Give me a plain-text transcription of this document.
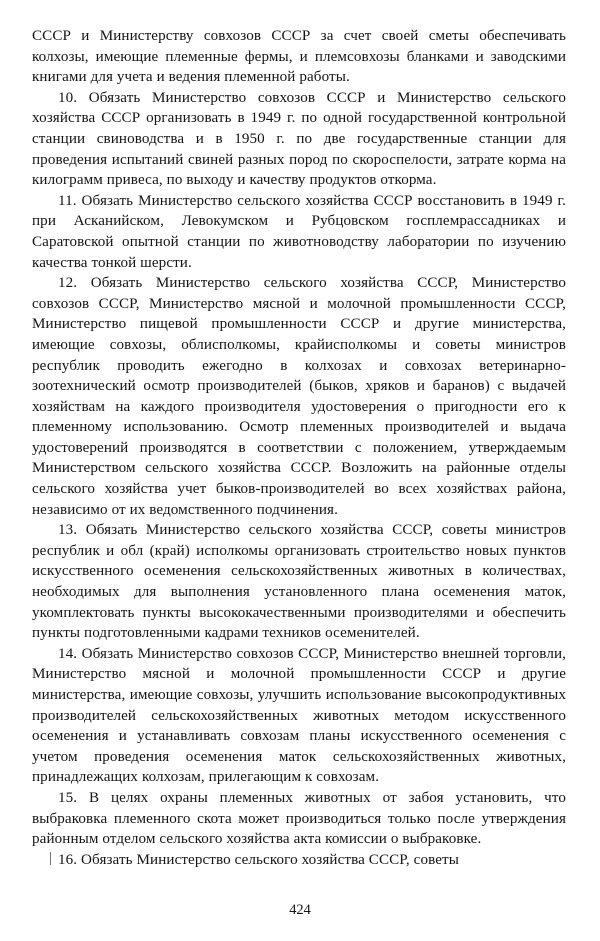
СССР и Министерству совхозов СССР за счет своей сметы обеспечивать колхозы, имеющие племенные фермы, и племсовхозы бланками и заводскими книгами для учета и ведения племенной работы.

10. Обязать Министерство совхозов СССР и Министерство сельского хозяйства СССР организовать в 1949 г. по одной государственной контрольной станции свиноводства и в 1950 г. по две государственные станции для проведения испытаний свиней разных пород по скороспелости, затрате корма на килограмм привеса, по выходу и качеству продуктов откорма.

11. Обязать Министерство сельского хозяйства СССР восстановить в 1949 г. при Асканийском, Левокумском и Рубцовском госплемрассадниках и Саратовской опытной станции по животноводству лаборатории по изучению качества тонкой шерсти.

12. Обязать Министерство сельского хозяйства СССР, Министерство совхозов СССР, Министерство мясной и молочной промышленности СССР, Министерство пищевой промышленности СССР и другие министерства, имеющие совхозы, облисполкомы, крайисполкомы и советы министров республик проводить ежегодно в колхозах и совхозах ветеринарно-зоотехнический осмотр производителей (быков, хряков и баранов) с выдачей хозяйствам на каждого производителя удостоверения о пригодности его к племенному использованию. Осмотр племенных производителей и выдача удостоверений производятся в соответствии с положением, утверждаемым Министерством сельского хозяйства СССР. Возложить на районные отделы сельского хозяйства учет быков-производителей во всех хозяйствах района, независимо от их ведомственного подчинения.

13. Обязать Министерство сельского хозяйства СССР, советы министров республик и обл (край) исполкомы организовать строительство новых пунктов искусственного осеменения сельскохозяйственных животных в количествах, необходимых для выполнения установленного плана осеменения маток, укомплектовать пункты высококачественными производителями и обеспечить пункты подготовленными кадрами техников осеменителей.

14. Обязать Министерство совхозов СССР, Министерство внешней торговли, Министерство мясной и молочной промышленности СССР и другие министерства, имеющие совхозы, улучшить использование высокопродуктивных производителей сельскохозяйственных животных методом искусственного осеменения и устанавливать совхозам планы искусственного осеменения с учетом проведения осеменения маток сельскохозяйственных животных, принадлежащих колхозам, прилегающим к совхозам.

15. В целях охраны племенных животных от забоя установить, что выбраковка племенного скота может производиться только после утверждения районным отделом сельского хозяйства акта комиссии о выбраковке.

16. Обязать Министерство сельского хозяйства СССР, советы

424
